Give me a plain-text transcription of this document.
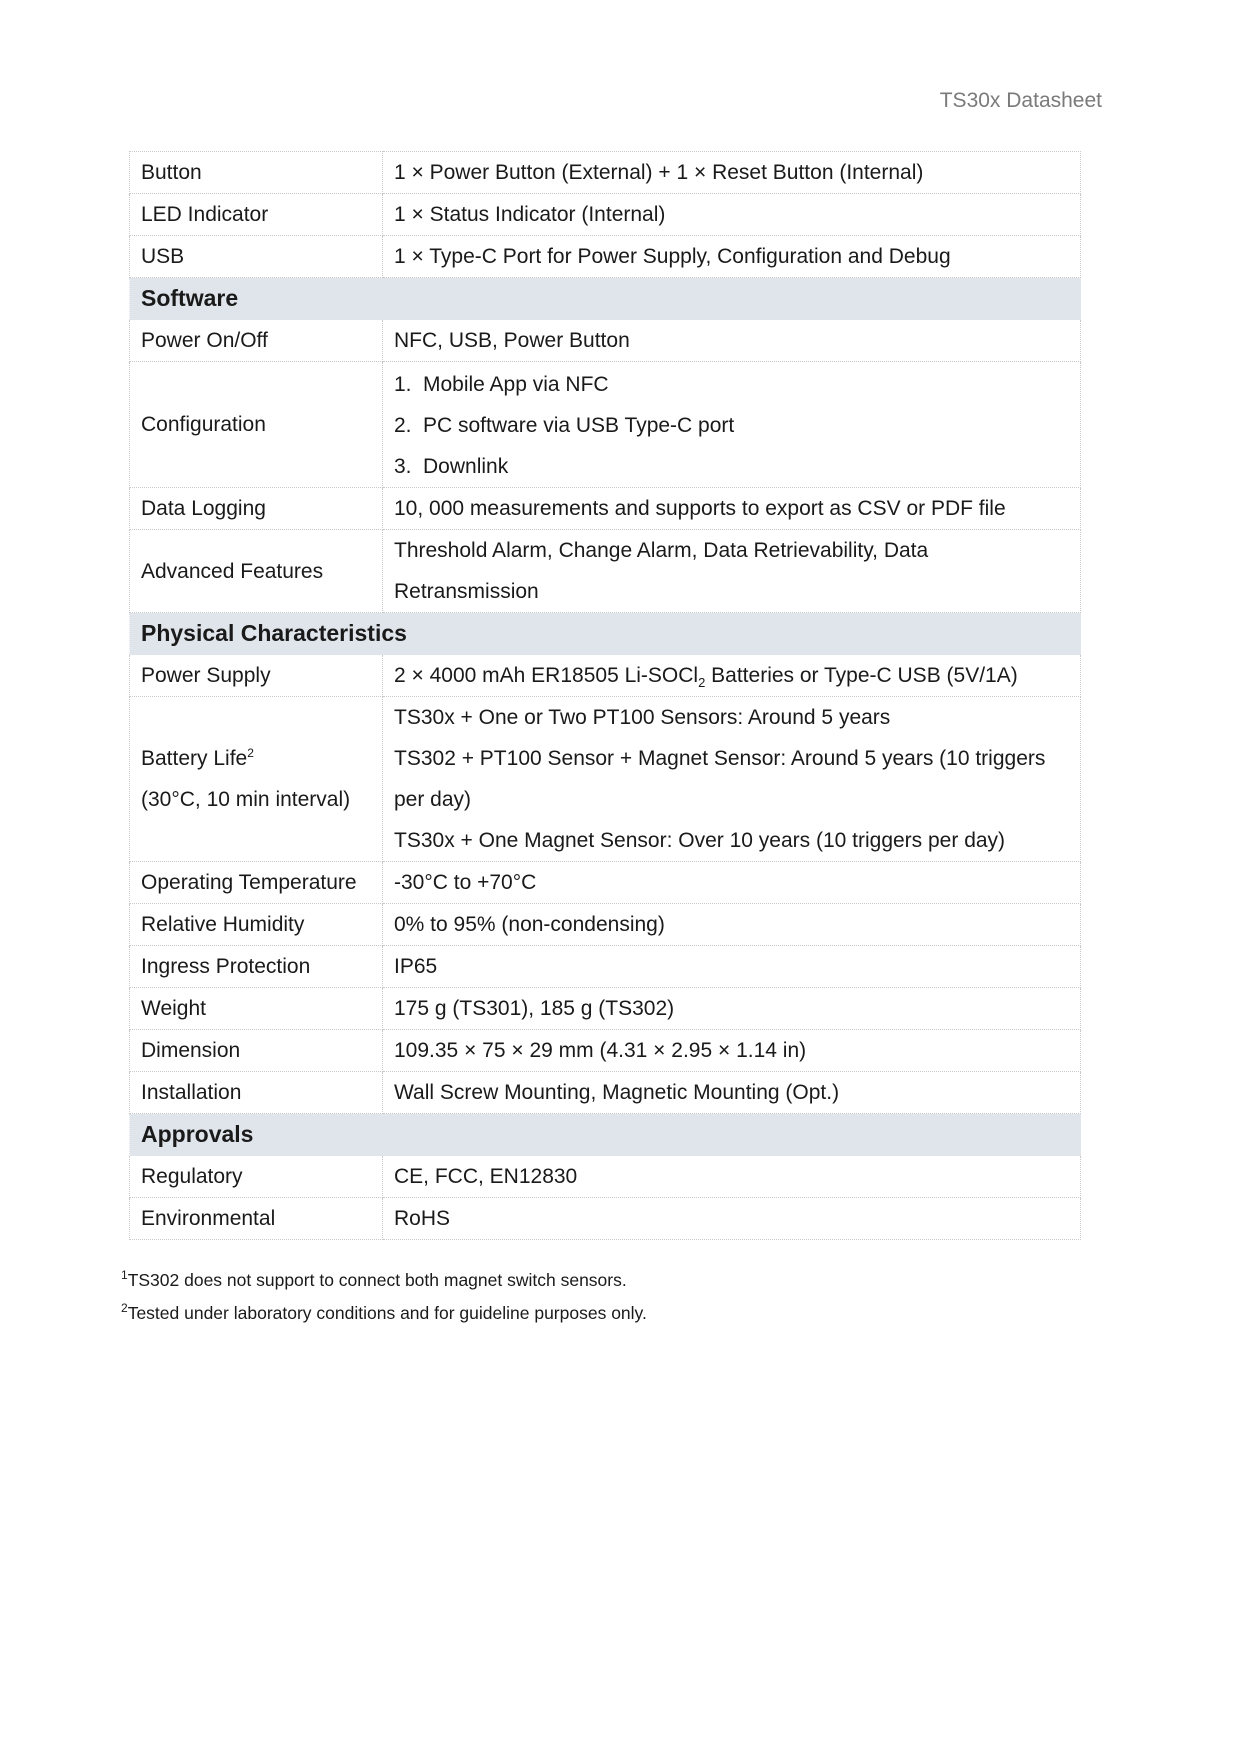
TS30x Datasheet
Button	1 × Power Button (External) + 1 × Reset Button (Internal)
LED Indicator	1 × Status Indicator (Internal)
USB	1 × Type-C Port for Power Supply, Configuration and Debug
Software	
Power On/Off	NFC, USB, Power Button
Configuration	1. Mobile App via NFC
2. PC software via USB Type-C port
3. Downlink

Data Logging	10, 000 measurements and supports to export as CSV or PDF file
Advanced Features	Threshold Alarm, Change Alarm, Data Retrievability, Data
Retransmission

Physical Characteristics	
Power Supply	2 × 4000 mAh ER18505 Li-SOCl$_2$ Batteries or Type-C USB (5V/1A)

Battery Life$^2$
(30°C, 10 min interval)	TS30x + One or Two PT100 Sensors: Around 5 years
TS302 + PT100 Sensor + Magnet Sensor: Around 5 years (10 triggers
per day)
TS30x + One Magnet Sensor: Over 10 years (10 triggers per day)

Operating Temperature	-30°C to +70°C
Relative Humidity	0% to 95% (non-condensing)
Ingress Protection	IP65
Weight	175 g (TS301), 185 g (TS302)
Dimension	109.35 × 75 × 29 mm (4.31 × 2.95 × 1.14 in)
Installation	Wall Screw Mounting, Magnetic Mounting (Opt.)
Approvals	
Regulatory	CE, FCC, EN12830
Environmental	RoHS
$^1$TS302 does not support to connect both magnet switch sensors.
$^2$Tested under laboratory conditions and for guideline purposes only.
